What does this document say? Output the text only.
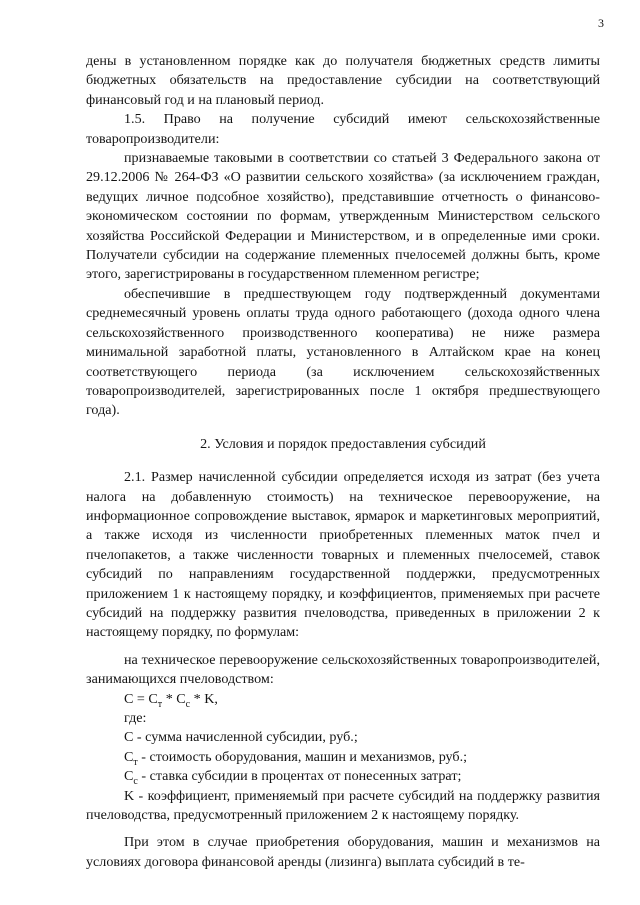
3

дены в установленном порядке как до получателя бюджетных средств лимиты бюджетных обязательств на предоставление субсидии на соответствующий финансовый год и на плановый период.

1.5. Право на получение субсидий имеют сельскохозяйственные товаропроизводители:

признаваемые таковыми в соответствии со статьей 3 Федерального закона от 29.12.2006 № 264-ФЗ «О развитии сельского хозяйства» (за исключением граждан, ведущих личное подсобное хозяйство), представившие отчетность о финансово-экономическом состоянии по формам, утвержденным Министерством сельского хозяйства Российской Федерации и Министерством, и в определенные ими сроки. Получатели субсидии на содержание племенных пчелосемей должны быть, кроме этого, зарегистрированы в государственном племенном регистре;

обеспечившие в предшествующем году подтвержденный документами среднемесячный уровень оплаты труда одного работающего (дохода одного члена сельскохозяйственного производственного кооператива) не ниже размера минимальной заработной платы, установленного в Алтайском крае на конец соответствующего периода (за исключением сельскохозяйственных товаропроизводителей, зарегистрированных после 1 октября предшествующего года).

2. Условия и порядок предоставления субсидий

2.1. Размер начисленной субсидии определяется исходя из затрат (без учета налога на добавленную стоимость) на техническое перевооружение, на информационное сопровождение выставок, ярмарок и маркетинговых мероприятий, а также исходя из численности приобретенных племенных маток пчел и пчелопакетов, а также численности товарных и племенных пчелосемей, ставок субсидий по направлениям государственной поддержки, предусмотренных приложением 1 к настоящему порядку, и коэффициентов, применяемых при расчете субсидий на поддержку развития пчеловодства, приведенных в приложении 2 к настоящему порядку, по формулам:

на техническое перевооружение сельскохозяйственных товаропроизводителей, занимающихся пчеловодством:

$C = C_т * C_с * K$,

где:

C - сумма начисленной субсидии, руб.;

$C_т$ - стоимость оборудования, машин и механизмов, руб.;

$C_с$ - ставка субсидии в процентах от понесенных затрат;

K - коэффициент, применяемый при расчете субсидий на поддержку развития пчеловодства, предусмотренный приложением 2 к настоящему порядку.

При этом в случае приобретения оборудования, машин и механизмов на условиях договора финансовой аренды (лизинга) выплата субсидий в те-
